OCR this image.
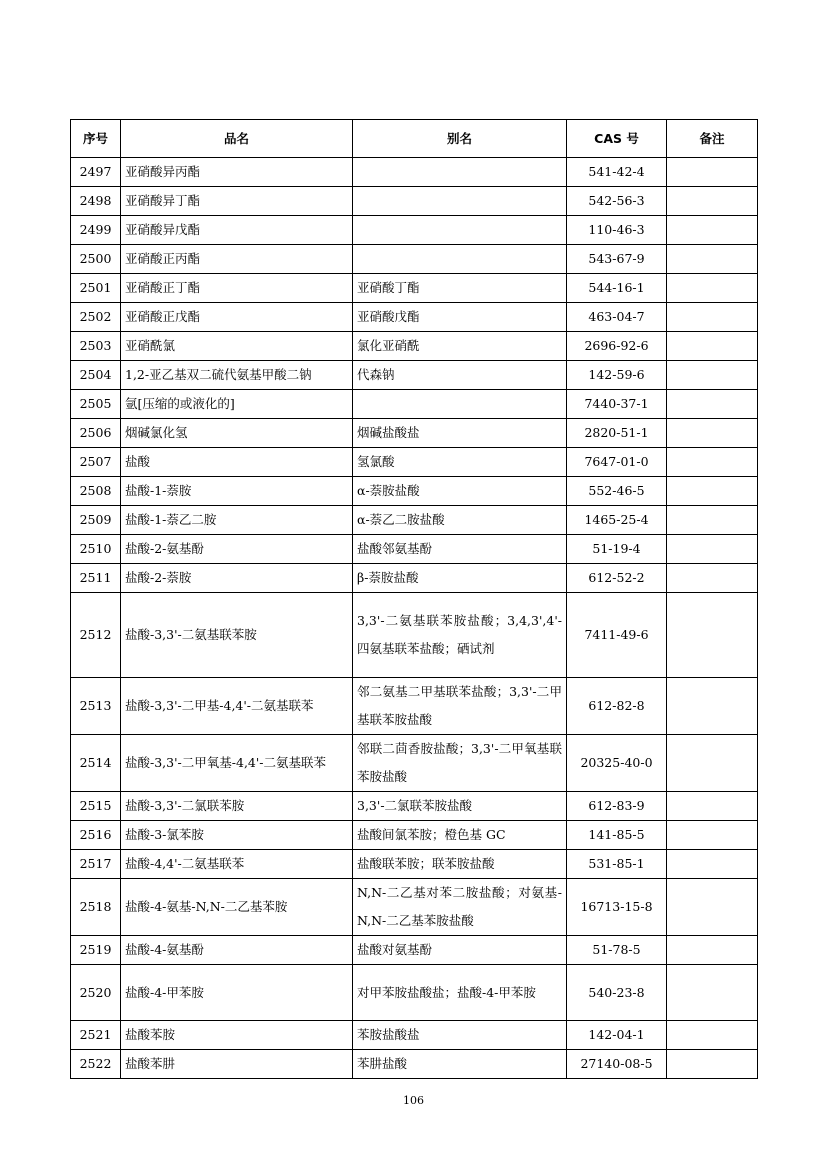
序号	品名	别名	CAS 号	备注
2497	亚硝酸异丙酯		541-42-4	
2498	亚硝酸异丁酯		542-56-3	
2499	亚硝酸异戊酯		110-46-3	
2500	亚硝酸正丙酯		543-67-9	
2501	亚硝酸正丁酯	亚硝酸丁酯	544-16-1	
2502	亚硝酸正戊酯	亚硝酸戊酯	463-04-7	
2503	亚硝酰氯	氯化亚硝酰	2696-92-6	
2504	1,2-亚乙基双二硫代氨基甲酸二钠	代森钠	142-59-6	
2505	氩[压缩的或液化的]		7440-37-1	
2506	烟碱氯化氢	烟碱盐酸盐	2820-51-1	
2507	盐酸	氢氯酸	7647-01-0	
2508	盐酸-1-萘胺	α-萘胺盐酸	552-46-5	
2509	盐酸-1-萘乙二胺	α-萘乙二胺盐酸	1465-25-4	
2510	盐酸-2-氨基酚	盐酸邻氨基酚	51-19-4	
2511	盐酸-2-萘胺	β-萘胺盐酸	612-52-2	
2512	盐酸-3,3'-二氨基联苯胺	3,3'-二氨基联苯胺盐酸；3,4,3',4'-四氨基联苯盐酸；硒试剂	7411-49-6	
2513	盐酸-3,3'-二甲基-4,4'-二氨基联苯	邻二氨基二甲基联苯盐酸；3,3'-二甲基联苯胺盐酸	612-82-8	
2514	盐酸-3,3'-二甲氧基-4,4'-二氨基联苯	邻联二茴香胺盐酸；3,3'-二甲氧基联苯胺盐酸	20325-40-0	
2515	盐酸-3,3'-二氯联苯胺	3,3'-二氯联苯胺盐酸	612-83-9	
2516	盐酸-3-氯苯胺	盐酸间氯苯胺；橙色基 GC	141-85-5	
2517	盐酸-4,4'-二氨基联苯	盐酸联苯胺；联苯胺盐酸	531-85-1	
2518	盐酸-4-氨基-N,N-二乙基苯胺	N,N-二乙基对苯二胺盐酸；对氨基-N,N-二乙基苯胺盐酸	16713-15-8	
2519	盐酸-4-氨基酚	盐酸对氨基酚	51-78-5	
2520	盐酸-4-甲苯胺	对甲苯胺盐酸盐；盐酸-4-甲苯胺	540-23-8	
2521	盐酸苯胺	苯胺盐酸盐	142-04-1	
2522	盐酸苯肼	苯肼盐酸	27140-08-5	
106
